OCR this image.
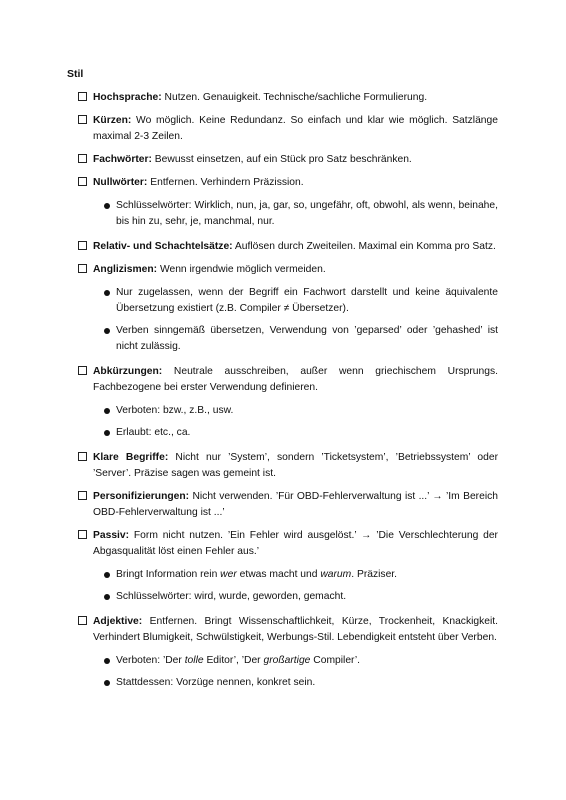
Stil
Hochsprache: Nutzen. Genauigkeit. Technische/sachliche Formulierung.
Kürzen: Wo möglich. Keine Redundanz. So einfach und klar wie möglich. Satzlänge maximal 2-3 Zeilen.
Fachwörter: Bewusst einsetzen, auf ein Stück pro Satz beschränken.
Nullwörter: Entfernen. Verhindern Präzission.
Schlüsselwörter: Wirklich, nun, ja, gar, so, ungefähr, oft, obwohl, als wenn, beinahe, bis hin zu, sehr, je, manchmal, nur.
Relativ- und Schachtelsätze: Auflösen durch Zweiteilen. Maximal ein Komma pro Satz.
Anglizismen: Wenn irgendwie möglich vermeiden.
Nur zugelassen, wenn der Begriff ein Fachwort darstellt und keine äquivalente Übersetzung existiert (z.B. Compiler ≠ Übersetzer).
Verben sinngemäß übersetzen, Verwendung von ’geparsed’ oder ’gehashed’ ist nicht zulässig.
Abkürzungen: Neutrale ausschreiben, außer wenn griechischem Ursprungs. Fachbezogene bei erster Verwendung definieren.
Verboten: bzw., z.B., usw.
Erlaubt: etc., ca.
Klare Begriffe: Nicht nur ’System’, sondern ’Ticketsystem’, ’Betriebssystem’ oder ’Server’. Präzise sagen was gemeint ist.
Personifizierungen: Nicht verwenden. ’Für OBD-Fehlerverwaltung ist ...’ → ’Im Bereich OBD-Fehlerverwaltung ist ...’
Passiv: Form nicht nutzen. ’Ein Fehler wird ausgelöst.’ → ’Die Verschlechterung der Abgasqualität löst einen Fehler aus.’
Bringt Information rein wer etwas macht und warum. Präziser.
Schlüsselwörter: wird, wurde, geworden, gemacht.
Adjektive: Entfernen. Bringt Wissenschaftlichkeit, Kürze, Trockenheit, Knackigkeit. Verhindert Blumigkeit, Schwülstigkeit, Werbungs-Stil. Lebendigkeit entsteht über Verben.
Verboten: ’Der tolle Editor’, ’Der großartige Compiler’.
Stattdessen: Vorzüge nennen, konkret sein.
